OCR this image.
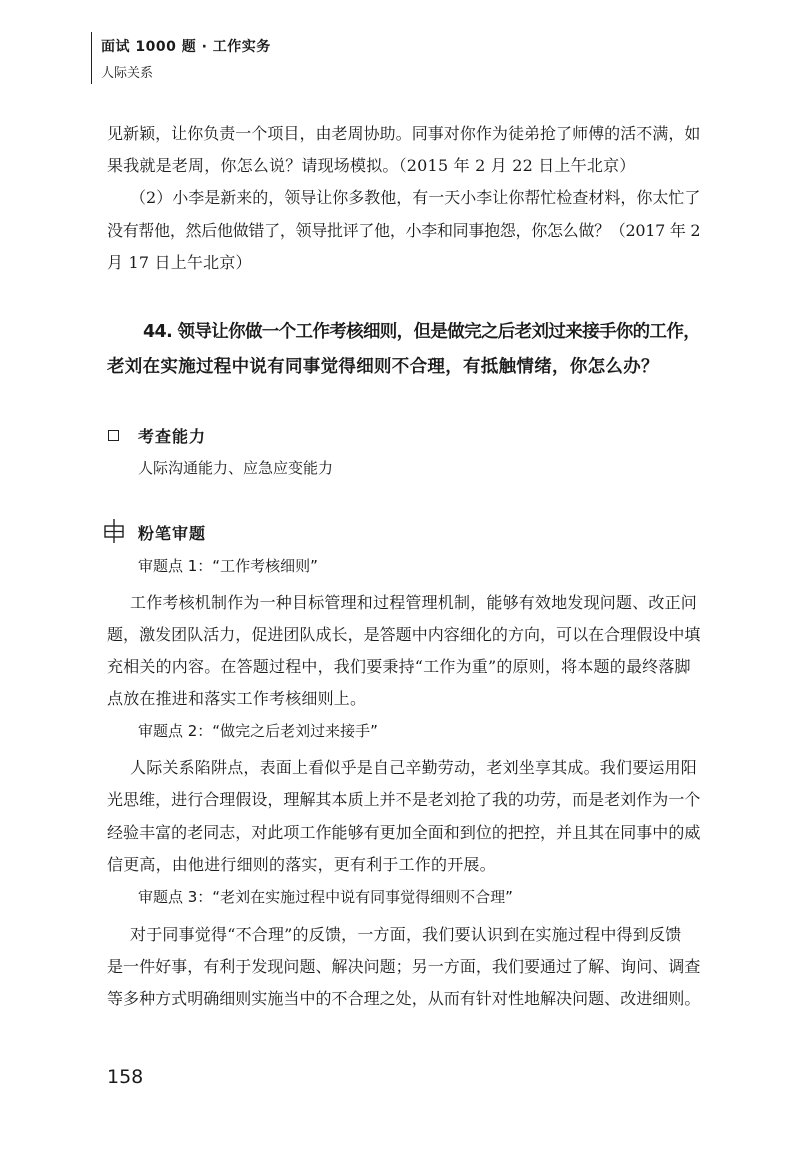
面试 1000 题 · 工作实务
人际关系
见新颖，让你负责一个项目，由老周协助。同事对你作为徒弟抢了师傅的活不满，如
果我就是老周，你怎么说？请现场模拟。（2015 年 2 月 22 日上午北京）
（2）小李是新来的，领导让你多教他，有一天小李让你帮忙检查材料，你太忙了
没有帮他，然后他做错了，领导批评了他，小李和同事抱怨，你怎么做？（2017 年 2
月 17 日上午北京）
44. 领导让你做一个工作考核细则，但是做完之后老刘过来接手你的工作，
老刘在实施过程中说有同事觉得细则不合理，有抵触情绪，你怎么办？
考查能力
人际沟通能力、应急应变能力
粉笔审题
审题点 1：“工作考核细则”
工作考核机制作为一种目标管理和过程管理机制，能够有效地发现问题、改正问
题，激发团队活力，促进团队成长，是答题中内容细化的方向，可以在合理假设中填
充相关的内容。在答题过程中，我们要秉持“工作为重”的原则，将本题的最终落脚
点放在推进和落实工作考核细则上。
审题点 2：“做完之后老刘过来接手”
人际关系陷阱点，表面上看似乎是自己辛勤劳动，老刘坐享其成。我们要运用阳
光思维，进行合理假设，理解其本质上并不是老刘抢了我的功劳，而是老刘作为一个
经验丰富的老同志，对此项工作能够有更加全面和到位的把控，并且其在同事中的威
信更高，由他进行细则的落实，更有利于工作的开展。
审题点 3：“老刘在实施过程中说有同事觉得细则不合理”
对于同事觉得“不合理”的反馈，一方面，我们要认识到在实施过程中得到反馈
是一件好事，有利于发现问题、解决问题；另一方面，我们要通过了解、询问、调查
等多种方式明确细则实施当中的不合理之处，从而有针对性地解决问题、改进细则。
158
